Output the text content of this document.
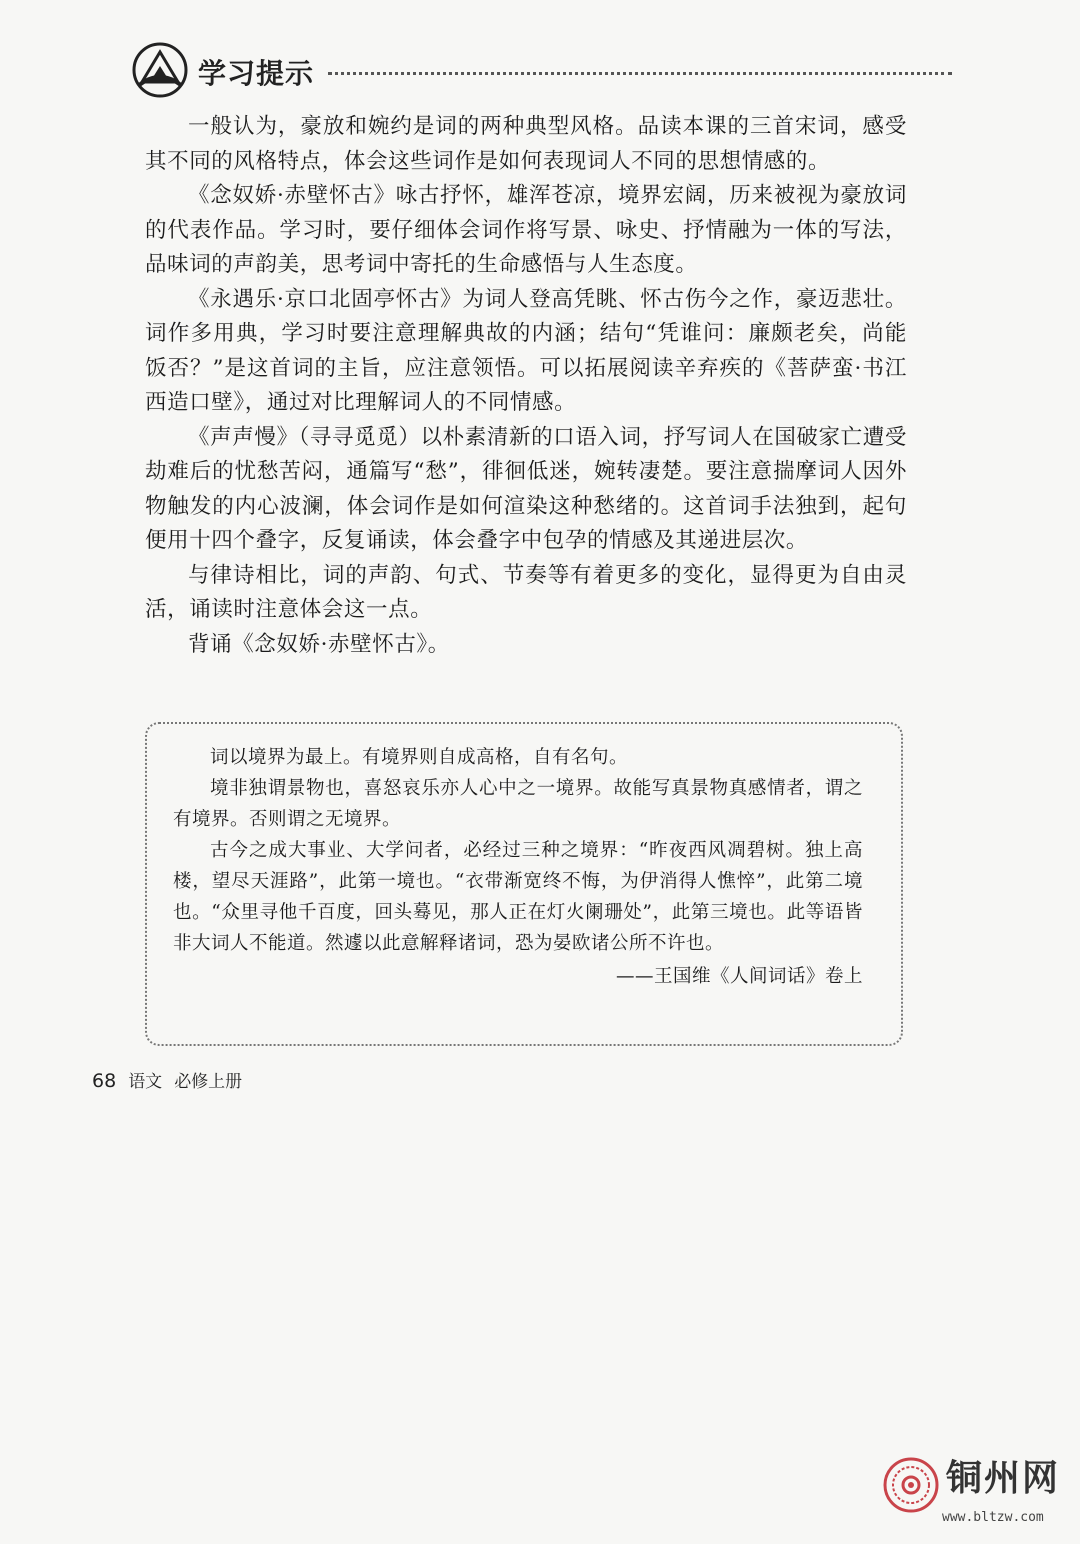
学习提示

一般认为，豪放和婉约是词的两种典型风格。品读本课的三首宋词，感受其不同的风格特点，体会这些词作是如何表现词人不同的思想情感的。

《念奴娇·赤壁怀古》咏古抒怀，雄浑苍凉，境界宏阔，历来被视为豪放词的代表作品。学习时，要仔细体会词作将写景、咏史、抒情融为一体的写法，品味词的声韵美，思考词中寄托的生命感悟与人生态度。

《永遇乐·京口北固亭怀古》为词人登高凭眺、怀古伤今之作，豪迈悲壮。词作多用典，学习时要注意理解典故的内涵；结句“凭谁问：廉颇老矣，尚能饭否？”是这首词的主旨，应注意领悟。可以拓展阅读辛弃疾的《菩萨蛮·书江西造口壁》，通过对比理解词人的不同情感。

《声声慢》（寻寻觅觅）以朴素清新的口语入词，抒写词人在国破家亡遭受劫难后的忧愁苦闷，通篇写“愁”，徘徊低迷，婉转凄楚。要注意揣摩词人因外物触发的内心波澜，体会词作是如何渲染这种愁绪的。这首词手法独到，起句便用十四个叠字，反复诵读，体会叠字中包孕的情感及其递进层次。

与律诗相比，词的声韵、句式、节奏等有着更多的变化，显得更为自由灵活，诵读时注意体会这一点。

背诵《念奴娇·赤壁怀古》。

词以境界为最上。有境界则自成高格，自有名句。

境非独谓景物也，喜怒哀乐亦人心中之一境界。故能写真景物真感情者，谓之有境界。否则谓之无境界。

古今之成大事业、大学问者，必经过三种之境界：“昨夜西风凋碧树。独上高楼，望尽天涯路”，此第一境也。“衣带渐宽终不悔，为伊消得人憔悴”，此第二境也。“众里寻他千百度，回头蓦见，那人正在灯火阑珊处”，此第三境也。此等语皆非大词人不能道。然遽以此意解释诸词，恐为晏欧诸公所不许也。

——王国维《人间词话》卷上

68 语文 必修上册
铜州网
www.bltzw.com
